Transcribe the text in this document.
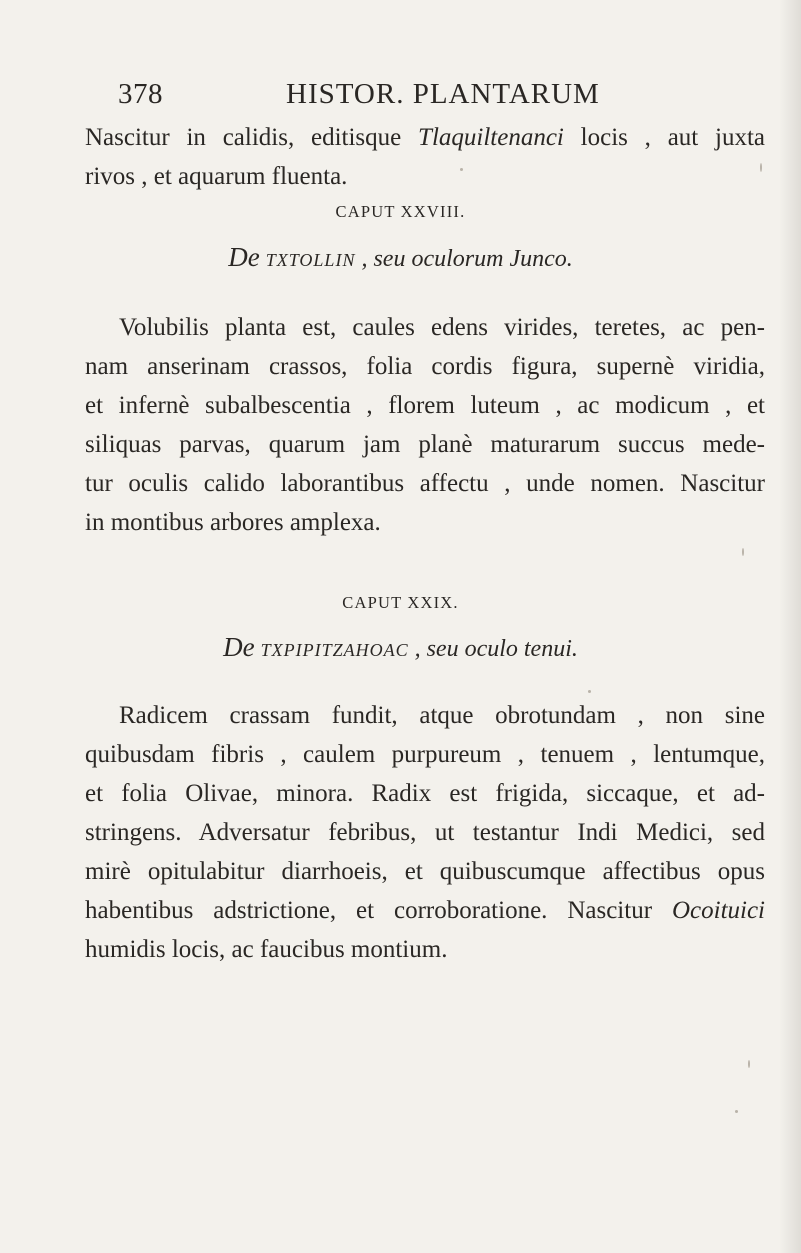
378	HISTOR. PLANTARUM
Nascitur in calidis, editisque Tlaquiltenanci locis , aut juxta
rivos , et aquarum fluenta.
CAPUT XXVIII.
De TXTOLLIN , seu oculorum Junco.
Volubilis planta est, caules edens virides, teretes, ac pen-
nam anserinam crassos, folia cordis figura, supernè viridia,
et infernè subalbescentia , florem luteum , ac modicum , et
siliquas parvas, quarum jam planè maturarum succus mede-
tur oculis calido laborantibus affectu , unde nomen. Nascitur
in montibus arbores amplexa.
CAPUT XXIX.
De TXPIPITZAHOAC , seu oculo tenui.
Radicem crassam fundit, atque obrotundam , non sine
quibusdam fibris , caulem purpureum , tenuem , lentumque,
et folia Olivae, minora. Radix est frigida, siccaque, et ad-
stringens. Adversatur febribus, ut testantur Indi Medici, sed
mirè opitulabitur diarrhoeis, et quibuscumque affectibus opus
habentibus adstrictione, et corroboratione. Nascitur Ocoituici
humidis locis, ac faucibus montium.
